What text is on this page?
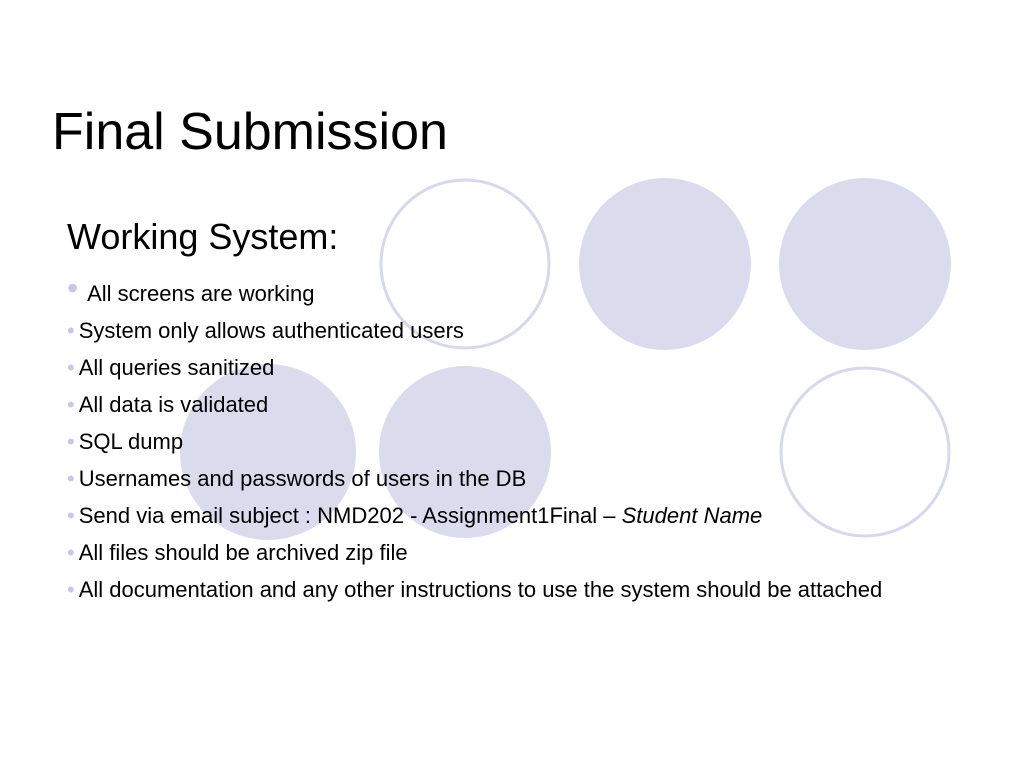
Final Submission
Working System:
• All screens are working
• System only allows authenticated users
• All queries sanitized
• All data is validated
• SQL dump
• Usernames and passwords of users in the DB
• Send via email subject : NMD202 - Assignment1Final – Student Name
• All files should be archived zip file
• All documentation and any other instructions to use the system should be attached
